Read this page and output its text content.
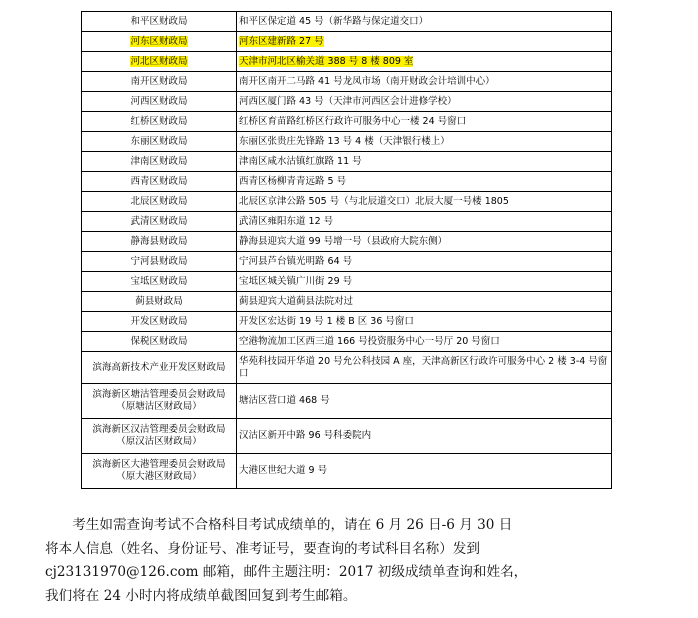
和平区财政局	和平区保定道 45 号（新华路与保定道交口）
河东区财政局	河东区建新路 27 号
河北区财政局	天津市河北区榆关道 388 号 8 楼 809 室
南开区财政局	南开区南开二马路 41 号龙凤市场（南开财政会计培训中心）
河西区财政局	河西区厦门路 43 号（天津市河西区会计进修学校）
红桥区财政局	红桥区育苗路红桥区行政许可服务中心一楼 24 号窗口
东丽区财政局	东丽区张贵庄先锋路 13 号 4 楼（天津银行楼上）
津南区财政局	津南区咸水沽镇红旗路 11 号
西青区财政局	西青区杨柳青青远路 5 号
北辰区财政局	北辰区京津公路 505 号（与北辰道交口）北辰大厦一号楼 1805
武清区财政局	武清区雍阳东道 12 号
静海县财政局	静海县迎宾大道 99 号增一号（县政府大院东侧）
宁河县财政局	宁河县芦台镇光明路 64 号
宝坻区财政局	宝坻区城关镇广川街 29 号
蓟县财政局	蓟县迎宾大道蓟县法院对过
开发区财政局	开发区宏达街 19 号 1 楼 B 区 36 号窗口
保税区财政局	空港物流加工区西三道 166 号投资服务中心一号厅 20 号窗口
滨海高新技术产业开发区财政局	华苑科技园开华道 20 号允公科技园 A 座，天津高新区行政许可服务中心 2 楼 3-4 号窗口
滨海新区塘沽管理委员会财政局（原塘沽区财政局）	塘沽区营口道 468 号
滨海新区汉沽管理委员会财政局（原汉沽区财政局）	汉沽区新开中路 96 号科委院内
滨海新区大港管理委员会财政局（原大港区财政局）	大港区世纪大道 9 号

考生如需查询考试不合格科目考试成绩单的，请在 6 月 26 日-6 月 30 日

将本人信息（姓名、身份证号、准考证号，要查询的考试科目名称）发到

cj23131970@126.com 邮箱，邮件主题注明：2017 初级成绩单查询和姓名，

我们将在 24 小时内将成绩单截图回复到考生邮箱。
